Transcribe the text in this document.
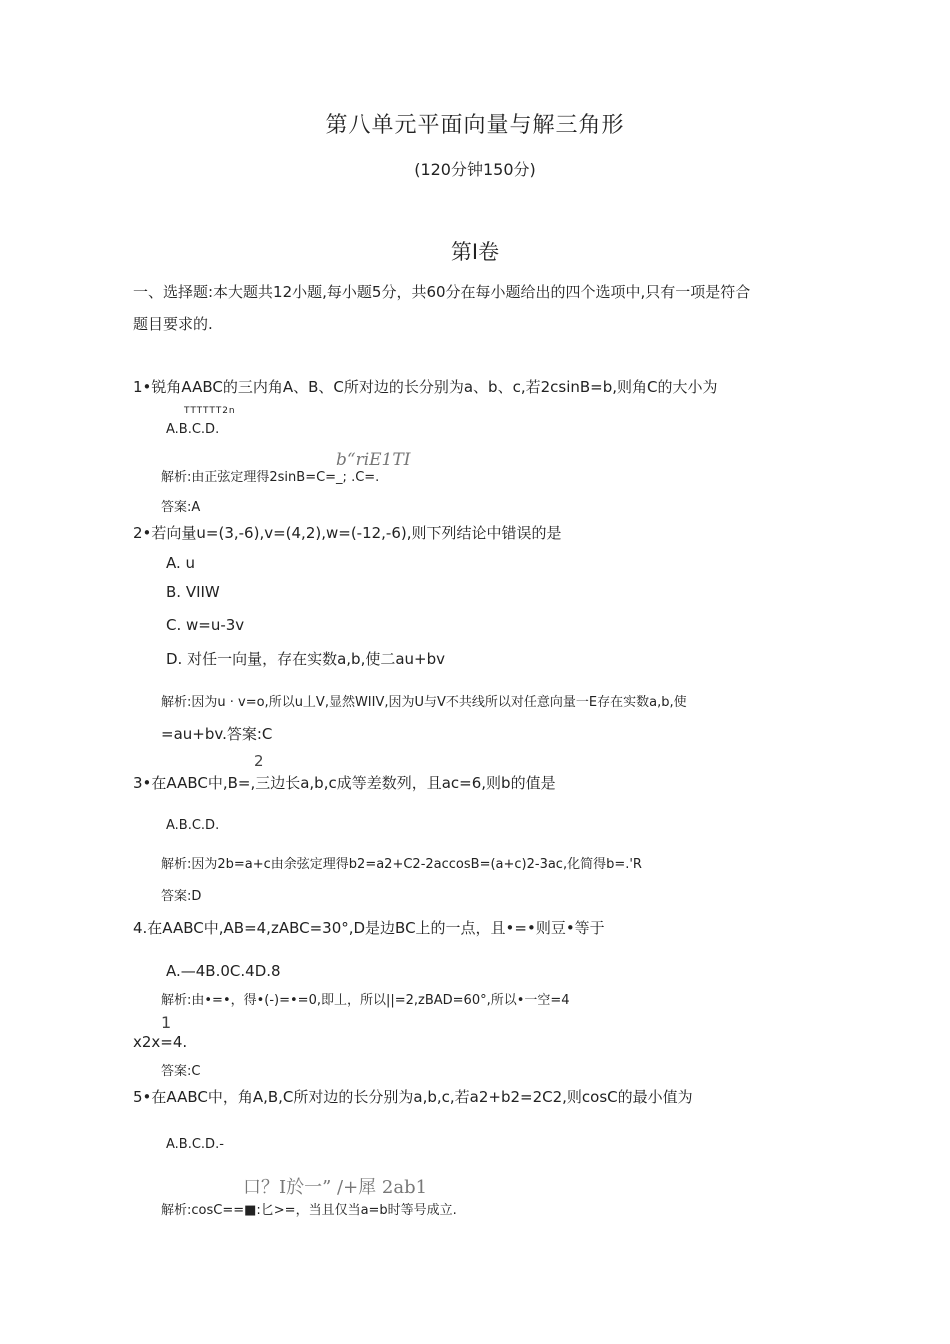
第八单元平面向量与解三角形
(120分钟150分)
第I卷
一、选择题:本大题共12小题,每小题5分，共60分在每小题给出的四个选项中,只有一项是符合
题目要求的.
1•锐角AABC的三内角A、B、C所对边的长分别为a、b、c,若2csinB=b,则角C的大小为
TTTTTT2n
A.B.C.D.
b“riE1TI
解析:由正弦定理得2sinB=C=_; .C=.
答案:A
2•若向量u=(3,-6),v=(4,2),w=(-12,-6),则下列结论中错误的是
A. u
B. VIIW
C. w=u-3v
D. 对任一向量，存在实数a,b,使二au+bv
解析:因为u · v=o,所以u丄V,显然WIIV,因为U与V不共线所以对任意向量一E存在实数a,b,使
=au+bv.答案:C
2
3•在AABC中,B=,三边长a,b,c成等差数列，且ac=6,则b的值是
A.B.C.D.
解析:因为2b=a+c由余弦定理得b2=a2+C2-2accosB=(a+c)2-3ac,化简得b=.'R
答案:D
4.在AABC中,AB=4,zABC=30°,D是边BC上的一点，且•=•则豆•等于
A.—4B.0C.4D.8
解析:由•=•，得•(-)=•=0,即丄，所以||=2,zBAD=60°,所以•一空=4
1
x2x=4.
答案:C
5•在AABC中，角A,B,C所对边的长分别为a,b,c,若a2+b2=2C2,则cosC的最小值为
A.B.C.D.-
口？I於一” /+犀 2ab1
解析:cosC==■:匕>=，当且仅当a=b时等号成立.
